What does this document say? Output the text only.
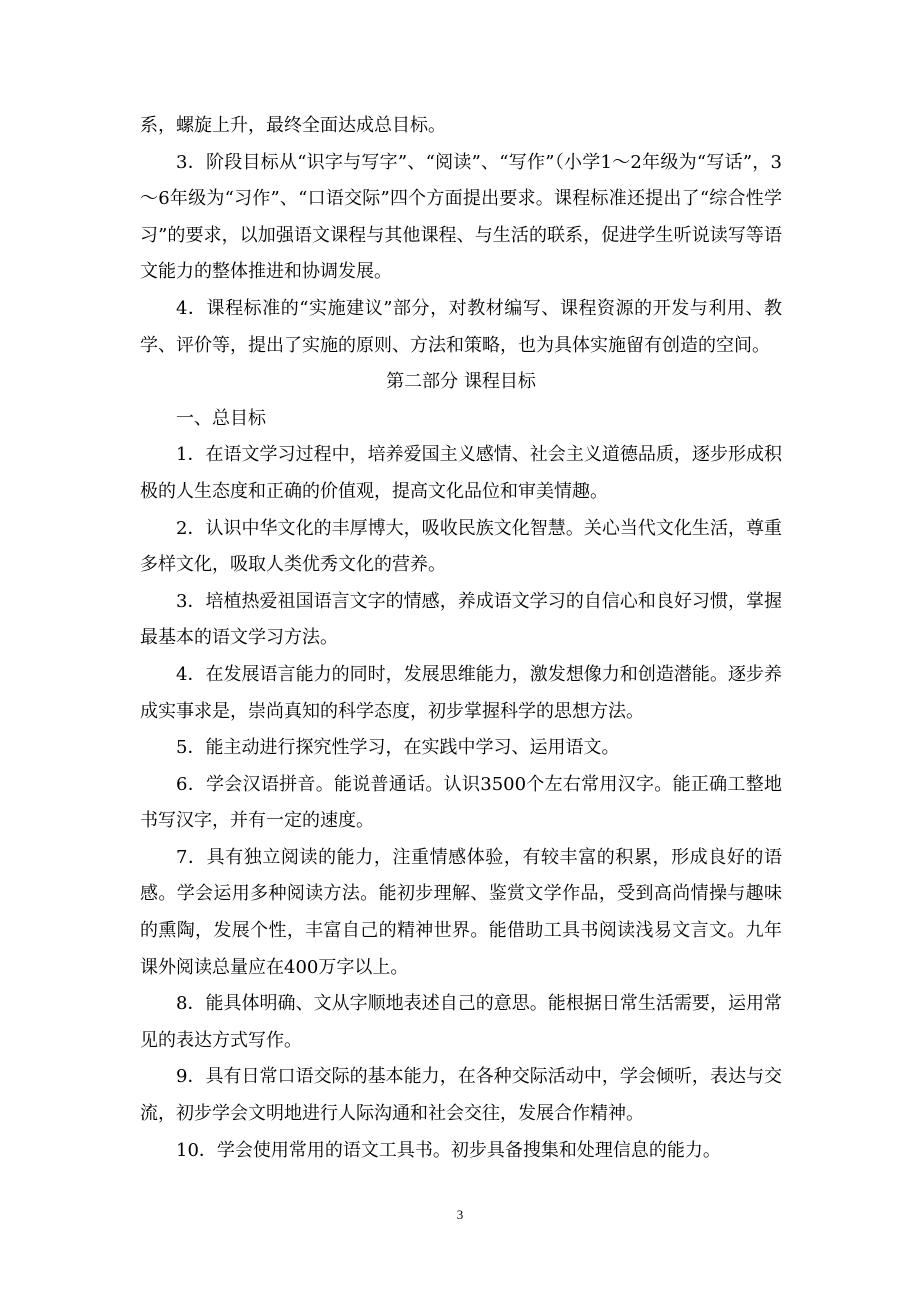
系，螺旋上升，最终全面达成总目标。

3．阶段目标从“识字与写字”、“阅读”、“写作”（小学1～2年级为“写话”，3～6年级为“习作”、“口语交际”四个方面提出要求。课程标准还提出了“综合性学习”的要求，以加强语文课程与其他课程、与生活的联系，促进学生听说读写等语文能力的整体推进和协调发展。

4．课程标准的“实施建议”部分，对教材编写、课程资源的开发与利用、教学、评价等，提出了实施的原则、方法和策略，也为具体实施留有创造的空间。

第二部分 课程目标

一、总目标

1．在语文学习过程中，培养爱国主义感情、社会主义道德品质，逐步形成积极的人生态度和正确的价值观，提高文化品位和审美情趣。

2．认识中华文化的丰厚博大，吸收民族文化智慧。关心当代文化生活，尊重多样文化，吸取人类优秀文化的营养。

3．培植热爱祖国语言文字的情感，养成语文学习的自信心和良好习惯，掌握最基本的语文学习方法。

4．在发展语言能力的同时，发展思维能力，激发想像力和创造潜能。逐步养成实事求是，崇尚真知的科学态度，初步掌握科学的思想方法。

5．能主动进行探究性学习，在实践中学习、运用语文。

6．学会汉语拼音。能说普通话。认识3500个左右常用汉字。能正确工整地书写汉字，并有一定的速度。

7．具有独立阅读的能力，注重情感体验，有较丰富的积累，形成良好的语感。学会运用多种阅读方法。能初步理解、鉴赏文学作品，受到高尚情操与趣味的熏陶，发展个性，丰富自己的精神世界。能借助工具书阅读浅易文言文。九年课外阅读总量应在400万字以上。

8．能具体明确、文从字顺地表述自己的意思。能根据日常生活需要，运用常见的表达方式写作。

9．具有日常口语交际的基本能力，在各种交际活动中，学会倾听，表达与交流，初步学会文明地进行人际沟通和社会交往，发展合作精神。

10．学会使用常用的语文工具书。初步具备搜集和处理信息的能力。

3
